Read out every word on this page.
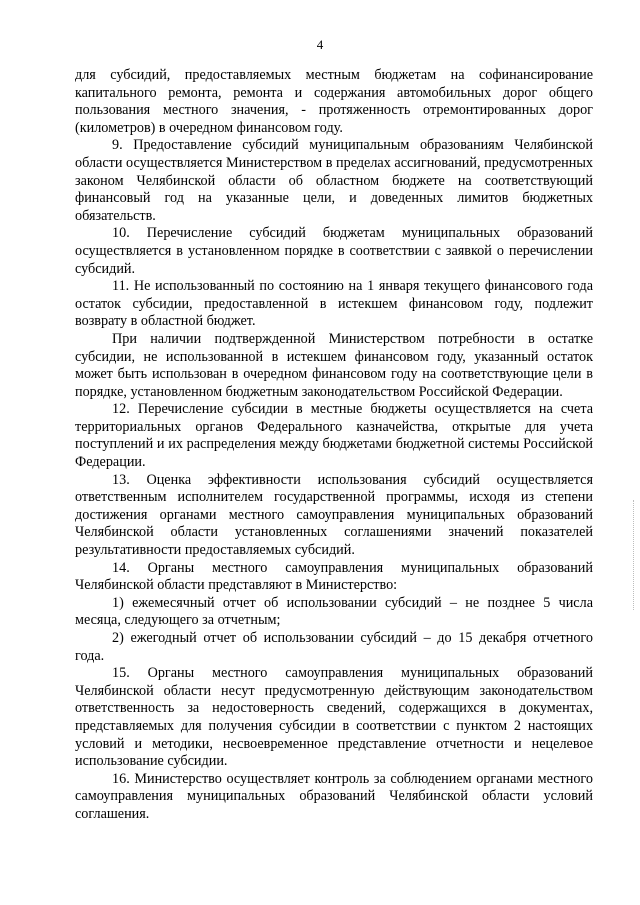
4

для субсидий, предоставляемых местным бюджетам на софинансирование капитального ремонта, ремонта и содержания автомобильных дорог общего пользования местного значения, - протяженность отремонтированных дорог (километров) в очередном финансовом году.

9. Предоставление субсидий муниципальным образованиям Челябинской области осуществляется Министерством в пределах ассигнований, предусмотренных законом Челябинской области об областном бюджете на соответствующий финансовый год на указанные цели, и доведенных лимитов бюджетных обязательств.

10. Перечисление субсидий бюджетам муниципальных образований осуществляется в установленном порядке в соответствии с заявкой о перечислении субсидий.

11. Не использованный по состоянию на 1 января текущего финансового года остаток субсидии, предоставленной в истекшем финансовом году, подлежит возврату в областной бюджет.

При наличии подтвержденной Министерством потребности в остатке субсидии, не использованной в истекшем финансовом году, указанный остаток может быть использован в очередном финансовом году на соответствующие цели в порядке, установленном бюджетным законодательством Российской Федерации.

12. Перечисление субсидии в местные бюджеты осуществляется на счета территориальных органов Федерального казначейства, открытые для учета поступлений и их распределения между бюджетами бюджетной системы Российской Федерации.

13. Оценка эффективности использования субсидий осуществляется ответственным исполнителем государственной программы, исходя из степени достижения органами местного самоуправления муниципальных образований Челябинской области установленных соглашениями значений показателей результативности предоставляемых субсидий.

14. Органы местного самоуправления муниципальных образований Челябинской области представляют в Министерство:

1) ежемесячный отчет об использовании субсидий – не позднее 5 числа месяца, следующего за отчетным;

2) ежегодный отчет об использовании субсидий – до 15 декабря отчетного года.

15. Органы местного самоуправления муниципальных образований Челябинской области несут предусмотренную действующим законодательством ответственность за недостоверность сведений, содержащихся в документах, представляемых для получения субсидии в соответствии с пунктом 2 настоящих условий и методики, несвоевременное представление отчетности и нецелевое использование субсидии.

16. Министерство осуществляет контроль за соблюдением органами местного самоуправления муниципальных образований Челябинской области условий соглашения.
